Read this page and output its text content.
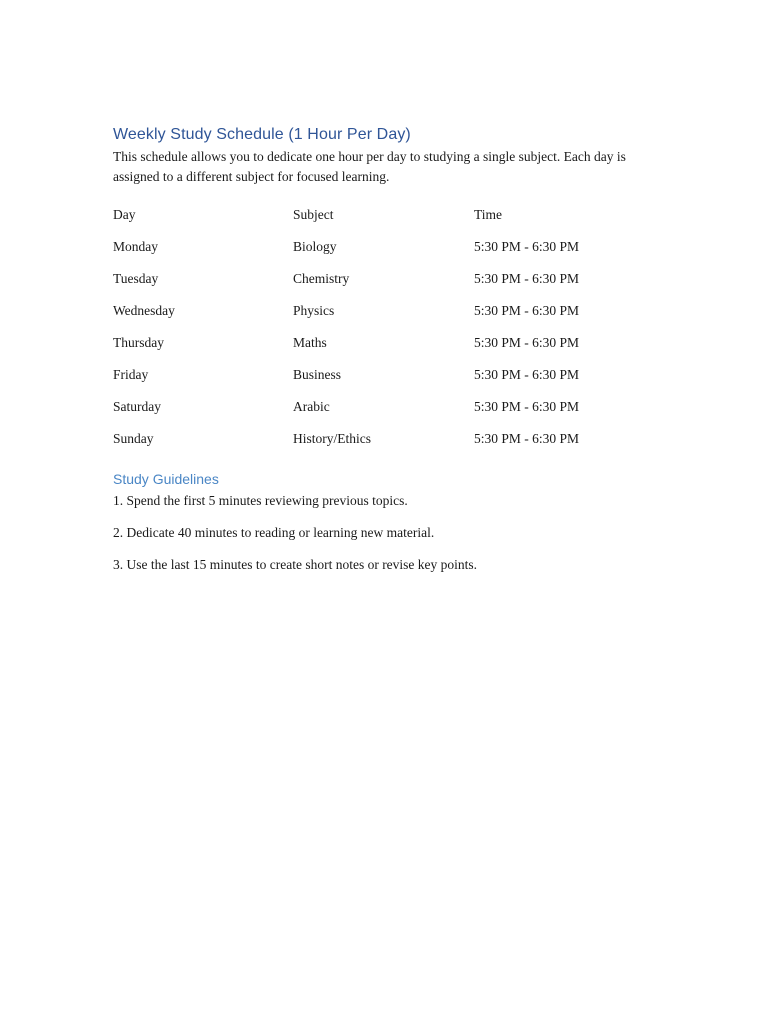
Weekly Study Schedule (1 Hour Per Day)

This schedule allows you to dedicate one hour per day to studying a single subject. Each day is assigned to a different subject for focused learning.

Day	Subject	Time
Monday	Biology	5:30 PM - 6:30 PM
Tuesday	Chemistry	5:30 PM - 6:30 PM
Wednesday	Physics	5:30 PM - 6:30 PM
Thursday	Maths	5:30 PM - 6:30 PM
Friday	Business	5:30 PM - 6:30 PM
Saturday	Arabic	5:30 PM - 6:30 PM
Sunday	History/Ethics	5:30 PM - 6:30 PM
Study Guidelines
1. Spend the first 5 minutes reviewing previous topics.
2. Dedicate 40 minutes to reading or learning new material.
3. Use the last 15 minutes to create short notes or revise key points.
